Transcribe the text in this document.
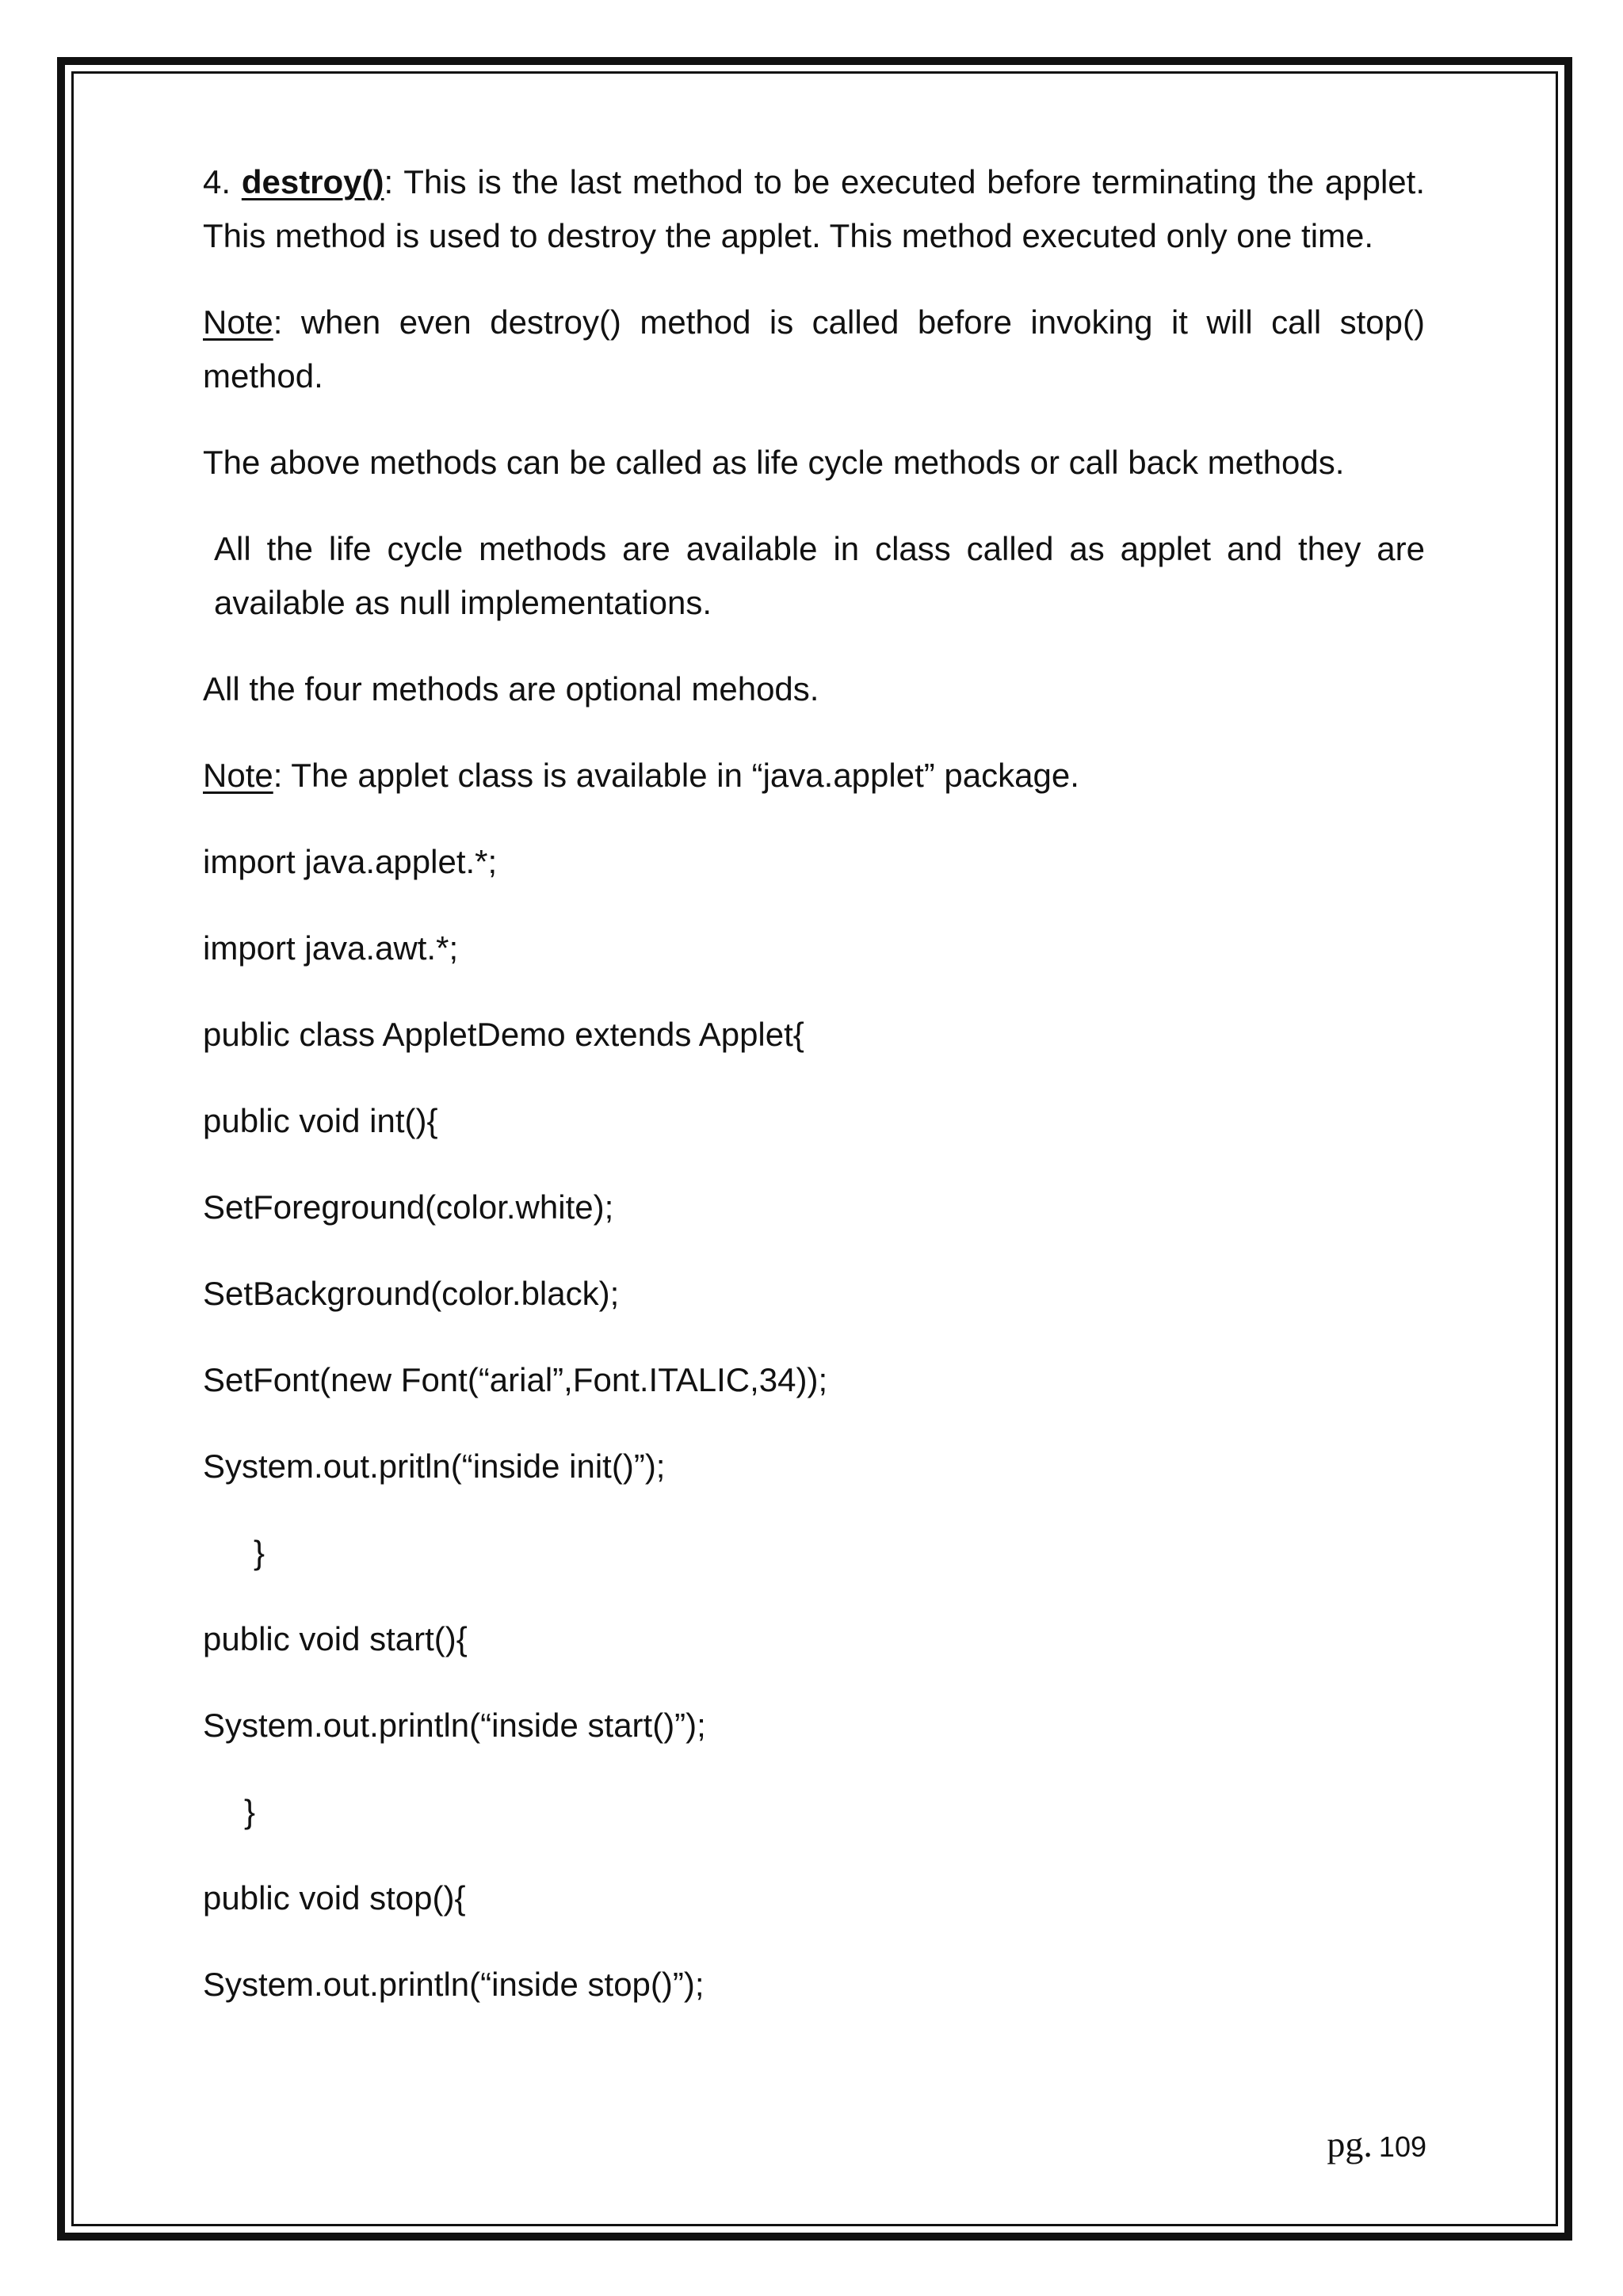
4. destroy(): This is the last method to be executed before terminating the applet. This method is used to destroy the applet. This method executed only one time.

Note: when even destroy() method is called before invoking it will call stop() method.

The above methods can be called as life cycle methods or call back methods.

All the life cycle methods are available in class called as applet and they are available as null implementations.

All the four methods are optional mehods.

Note: The applet class is available in “java.applet” package.

import java.applet.*;

import java.awt.*;

public class AppletDemo extends Applet{

public void int(){

SetForeground(color.white);

SetBackground(color.black);

SetFont(new Font(“arial”,Font.ITALIC,34));

System.out.pritln(“inside init()”);

}

public void start(){

System.out.println(“inside start()”);

}

public void stop(){

System.out.println(“inside stop()”);

pg. 109
